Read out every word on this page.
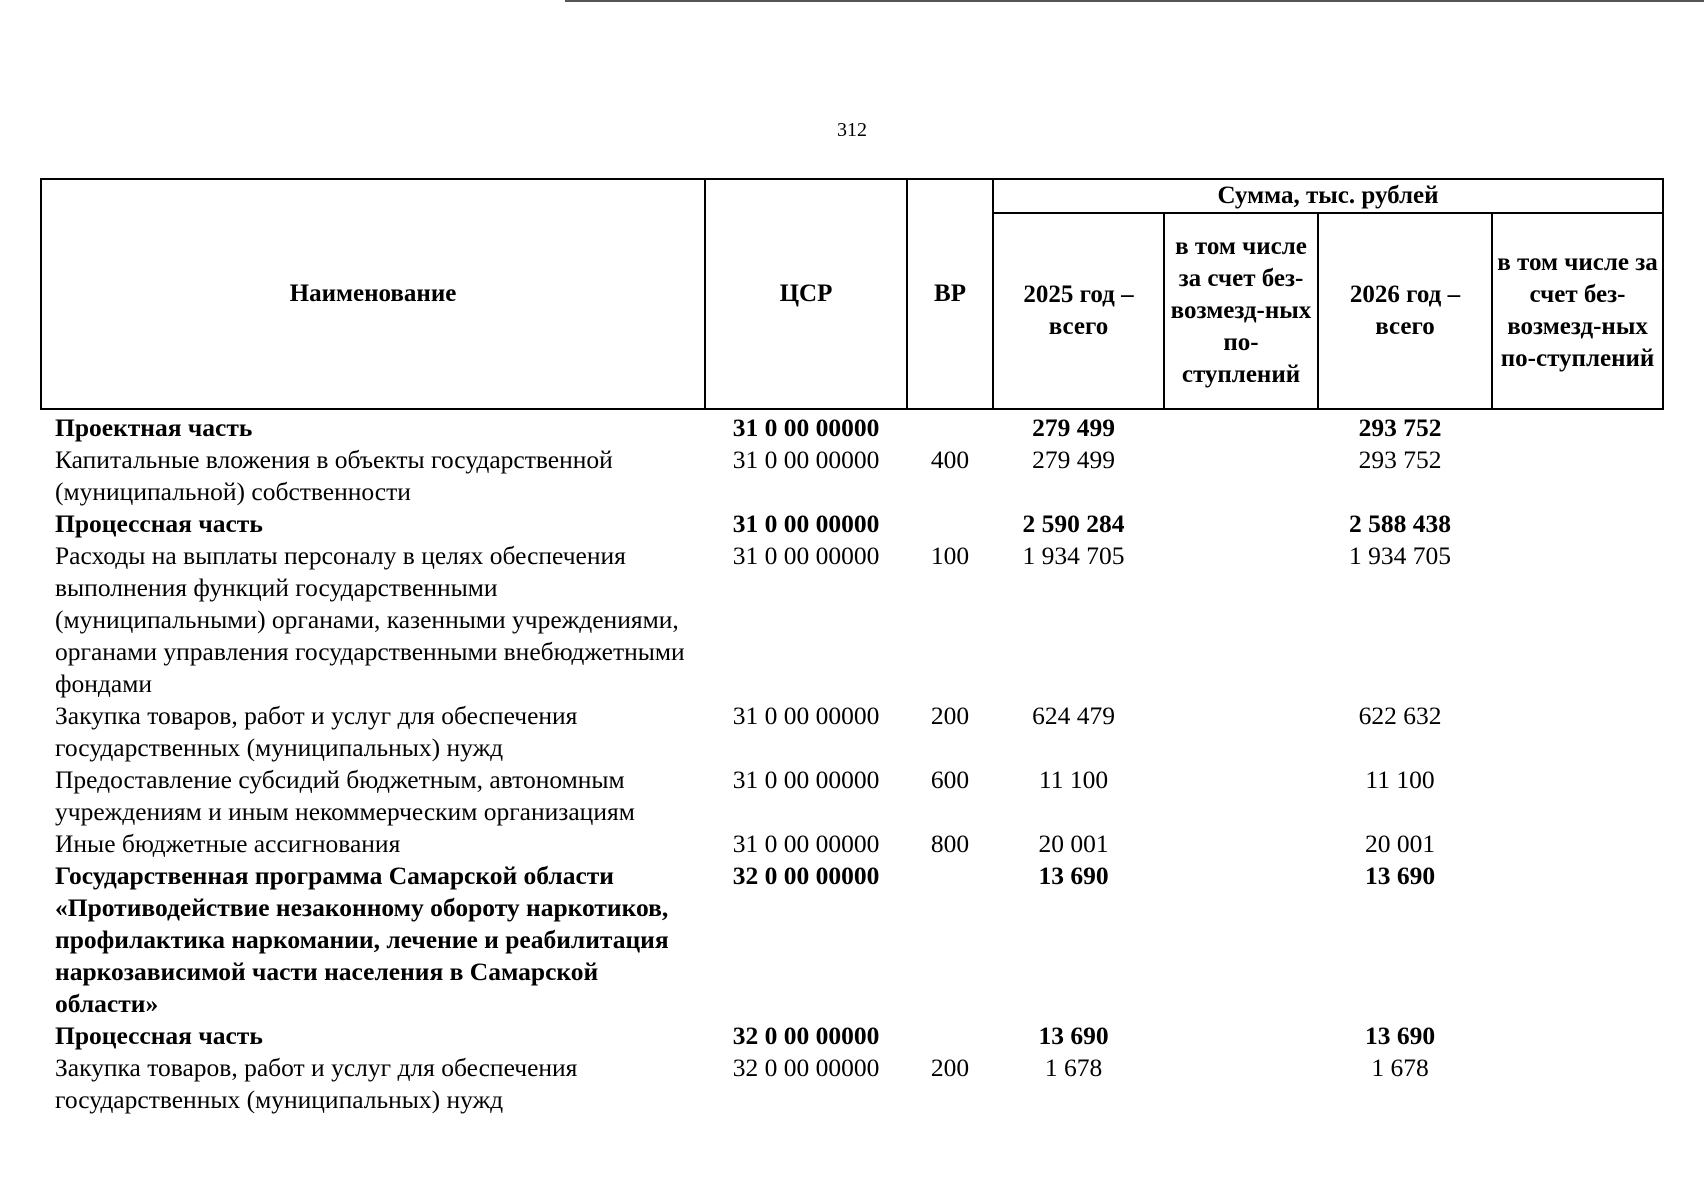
312
Наименование	ЦСР	ВР	Сумма, тыс. рублей			
			2025 год – всего	в том числе за счет без-возмезд-ных по-ступлений	2026 год – всего	в том числе за счет без-возмезд-ных по-ступлений
Проектная часть	31 0 00 00000		279 499		293 752	
Капитальные вложения в объекты государственной (муниципальной) собственности	31 0 00 00000	400	279 499		293 752	
Процессная часть	31 0 00 00000		2 590 284		2 588 438	
Расходы на выплаты персоналу в целях обеспечения выполнения функций государственными (муниципальными) органами, казенными учреждениями, органами управления государственными внебюджетными фондами	31 0 00 00000	100	1 934 705		1 934 705	
Закупка товаров, работ и услуг для обеспечения государственных (муниципальных) нужд	31 0 00 00000	200	624 479		622 632	
Предоставление субсидий бюджетным, автономным учреждениям и иным некоммерческим организациям	31 0 00 00000	600	11 100		11 100	
Иные бюджетные ассигнования	31 0 00 00000	800	20 001		20 001	
Государственная программа Самарской области «Противодействие незаконному обороту наркотиков, профилактика наркомании, лечение и реабилитация наркозависимой части населения в Самарской области»	32 0 00 00000		13 690		13 690	
Процессная часть	32 0 00 00000		13 690		13 690	
Закупка товаров, работ и услуг для обеспечения государственных (муниципальных) нужд	32 0 00 00000	200	1 678		1 678	
